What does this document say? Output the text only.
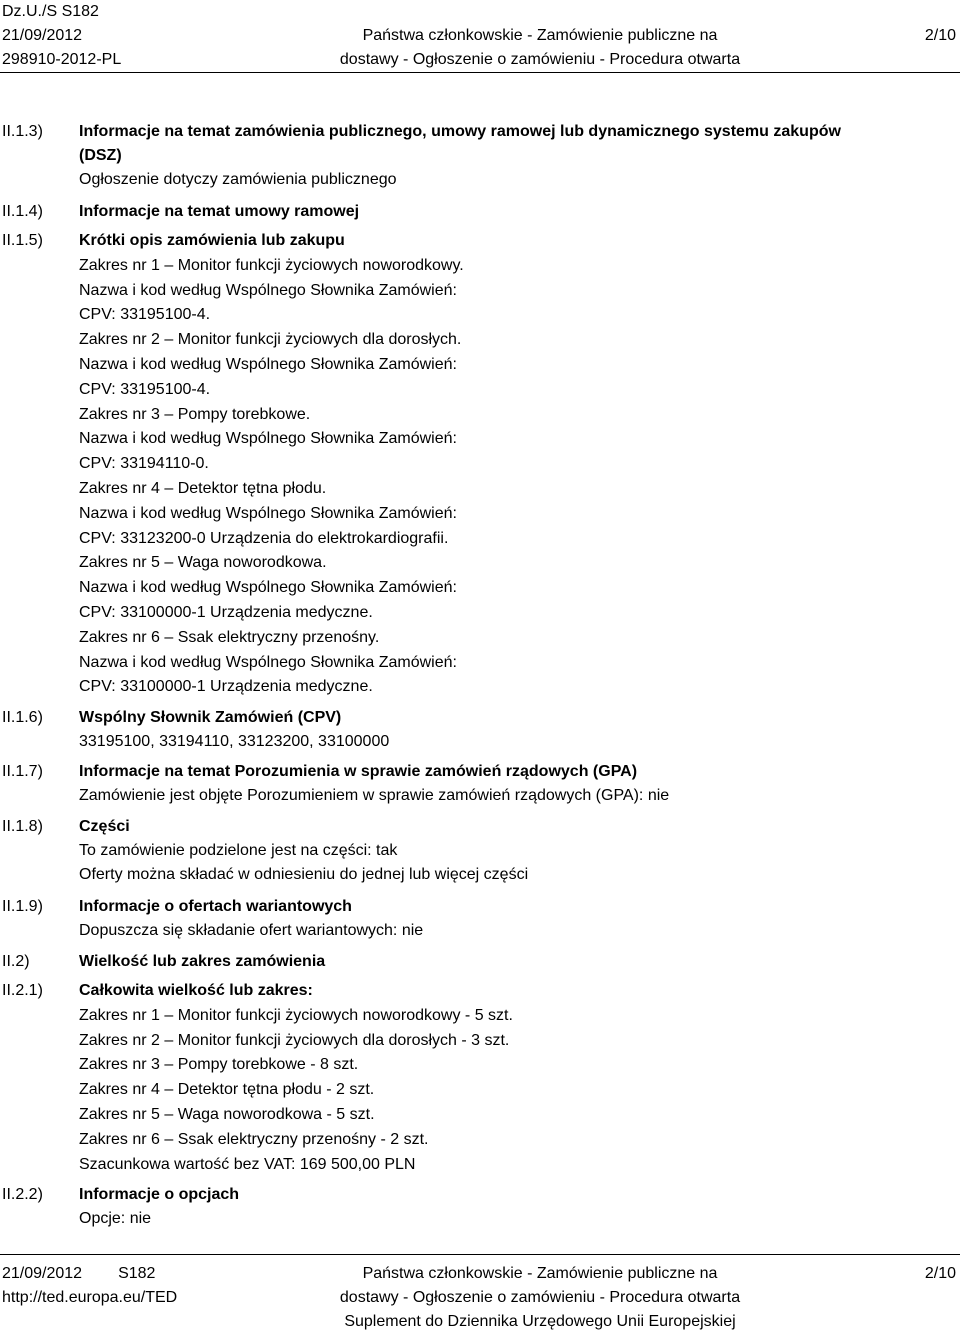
Dz.U./S S182
21/09/2012
298910-2012-PL
Państwa członkowskie - Zamówienie publiczne na
dostawy - Ogłoszenie o zamówieniu - Procedura otwarta
2/10
II.1.3)	Informacje na temat zamówienia publicznego, umowy ramowej lub dynamicznego systemu zakupów
(DSZ)
Ogłoszenie dotyczy zamówienia publicznego
II.1.4)	Informacje na temat umowy ramowej
II.1.5)	Krótki opis zamówienia lub zakupu
Zakres nr 1 – Monitor funkcji życiowych noworodkowy.
Nazwa i kod według Wspólnego Słownika Zamówień:
CPV: 33195100-4.
Zakres nr 2 – Monitor funkcji życiowych dla dorosłych.
Nazwa i kod według Wspólnego Słownika Zamówień:
CPV: 33195100-4.
Zakres nr 3 – Pompy torebkowe.
Nazwa i kod według Wspólnego Słownika Zamówień:
CPV: 33194110-0.
Zakres nr 4 – Detektor tętna płodu.
Nazwa i kod według Wspólnego Słownika Zamówień:
CPV: 33123200-0 Urządzenia do elektrokardiografii.
Zakres nr 5 – Waga noworodkowa.
Nazwa i kod według Wspólnego Słownika Zamówień:
CPV: 33100000-1 Urządzenia medyczne.
Zakres nr 6 – Ssak elektryczny przenośny.
Nazwa i kod według Wspólnego Słownika Zamówień:
CPV: 33100000-1 Urządzenia medyczne.
II.1.6)	Wspólny Słownik Zamówień (CPV)
33195100, 33194110, 33123200, 33100000
II.1.7)	Informacje na temat Porozumienia w sprawie zamówień rządowych (GPA)
Zamówienie jest objęte Porozumieniem w sprawie zamówień rządowych (GPA): nie
II.1.8)	Części
To zamówienie podzielone jest na części: tak
Oferty można składać w odniesieniu do jednej lub więcej części
II.1.9)	Informacje o ofertach wariantowych
Dopuszcza się składanie ofert wariantowych: nie
II.2)	Wielkość lub zakres zamówienia
II.2.1)	Całkowita wielkość lub zakres:
Zakres nr 1 – Monitor funkcji życiowych noworodkowy - 5 szt.
Zakres nr 2 – Monitor funkcji życiowych dla dorosłych - 3 szt.
Zakres nr 3 – Pompy torebkowe - 8 szt.
Zakres nr 4 – Detektor tętna płodu - 2 szt.
Zakres nr 5 – Waga noworodkowa - 5 szt.
Zakres nr 6 – Ssak elektryczny przenośny - 2 szt.
Szacunkowa wartość bez VAT: 169 500,00 PLN
II.2.2)	Informacje o opcjach
Opcje: nie
21/09/2012 S182
http://ted.europa.eu/TED
Państwa członkowskie - Zamówienie publiczne na
dostawy - Ogłoszenie o zamówieniu - Procedura otwarta
Suplement do Dziennika Urzędowego Unii Europejskiej
2/10
